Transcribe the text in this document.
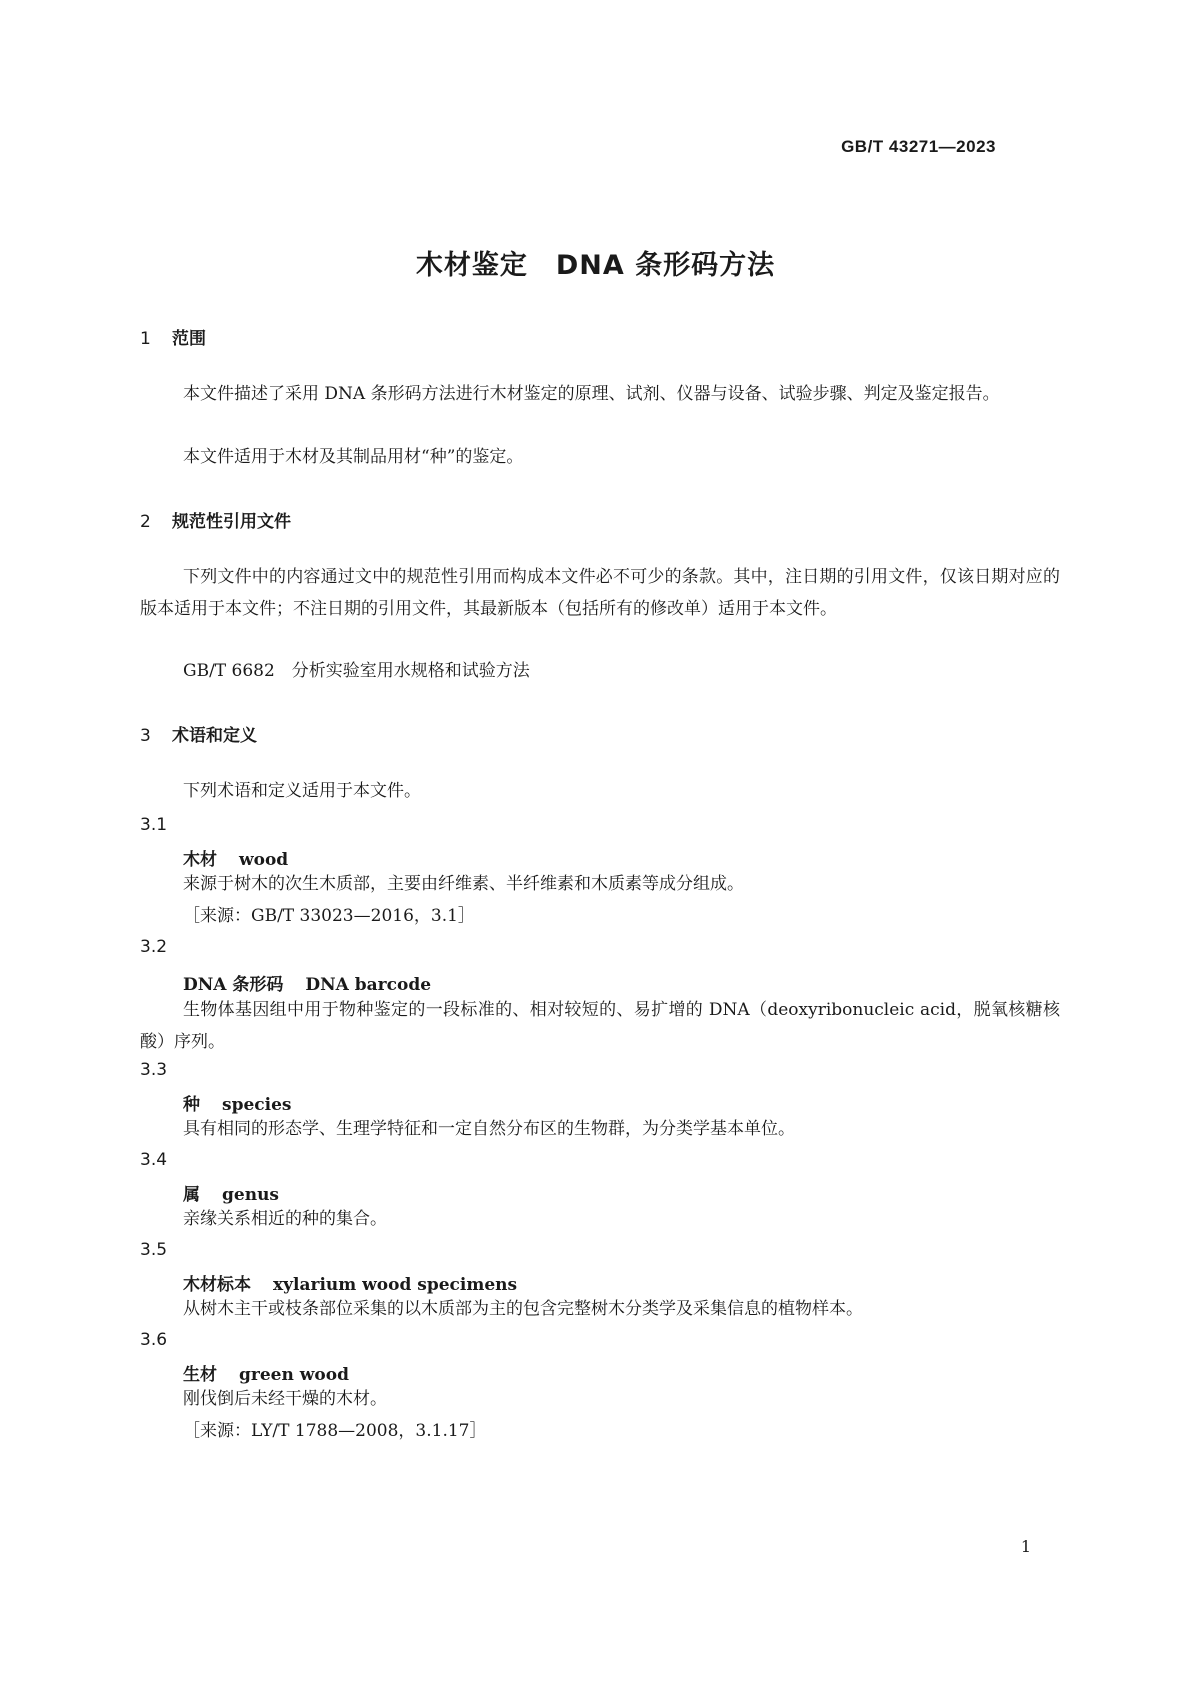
GB/T 43271—2023
木材鉴定　DNA 条形码方法
1 范围
本文件描述了采用 DNA 条形码方法进行木材鉴定的原理、试剂、仪器与设备、试验步骤、判定及鉴定报告。
本文件适用于木材及其制品用材“种”的鉴定。
2 规范性引用文件
下列文件中的内容通过文中的规范性引用而构成本文件必不可少的条款。其中，注日期的引用文件，仅该日期对应的版本适用于本文件；不注日期的引用文件，其最新版本（包括所有的修改单）适用于本文件。
GB/T 6682　分析实验室用水规格和试验方法
3 术语和定义
下列术语和定义适用于本文件。
3.1
木材 wood
来源于树木的次生木质部，主要由纤维素、半纤维素和木质素等成分组成。
［来源：GB/T 33023—2016，3.1］
3.2
DNA 条形码 DNA barcode
生物体基因组中用于物种鉴定的一段标准的、相对较短的、易扩增的 DNA（deoxyribonucleic acid，脱氧核糖核酸）序列。
3.3
种 species
具有相同的形态学、生理学特征和一定自然分布区的生物群，为分类学基本单位。
3.4
属 genus
亲缘关系相近的种的集合。
3.5
木材标本 xylarium wood specimens
从树木主干或枝条部位采集的以木质部为主的包含完整树木分类学及采集信息的植物样本。
3.6
生材 green wood
刚伐倒后未经干燥的木材。
［来源：LY/T 1788—2008，3.1.17］
1
